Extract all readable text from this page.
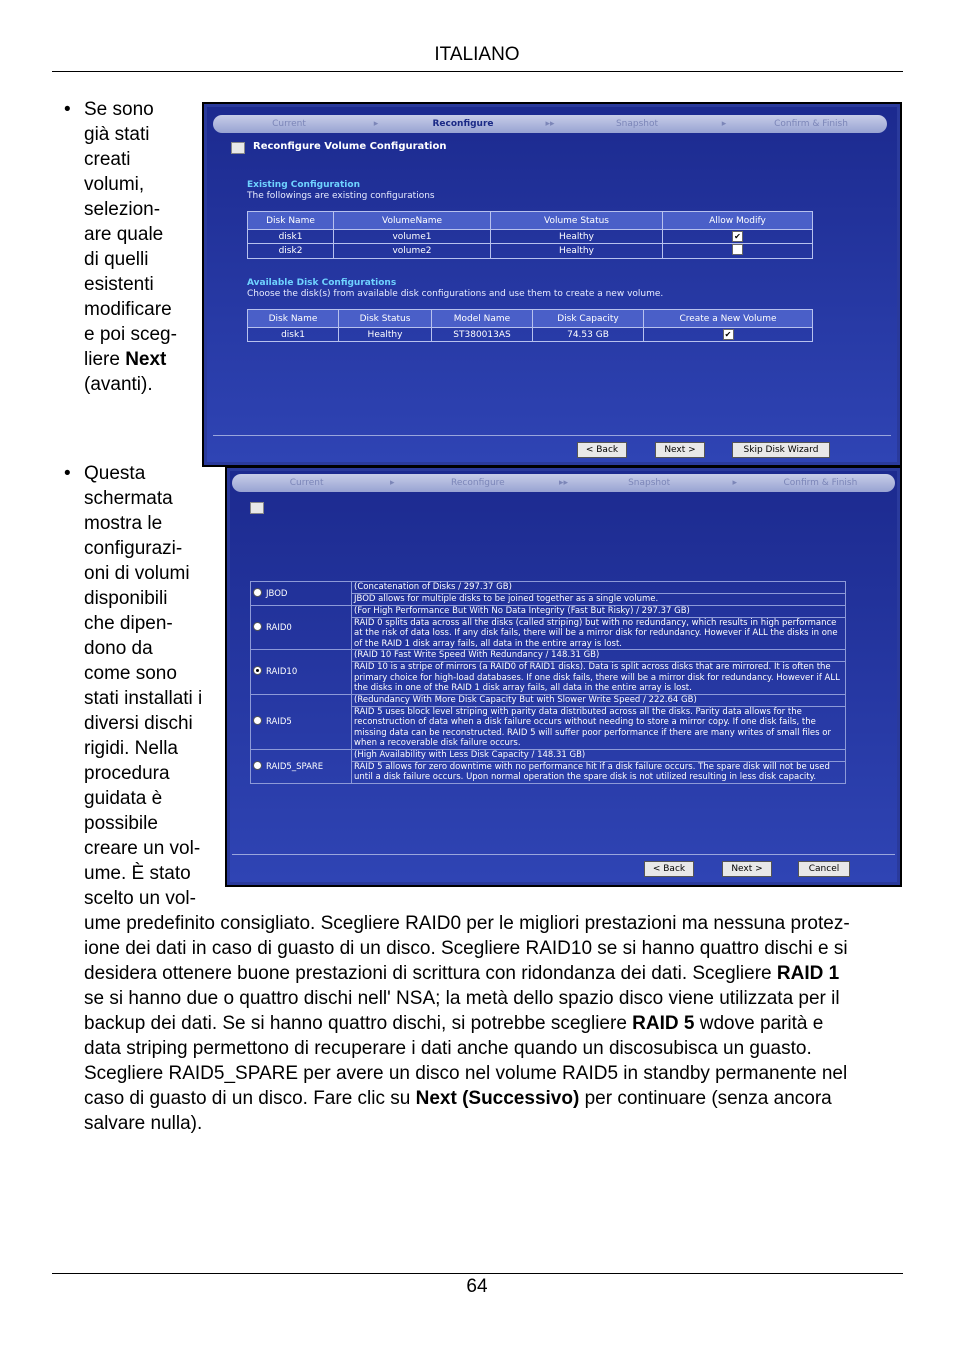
ITALIANO
• Se sono
già stati
creati
volumi,
selezion-
are quale
di quelli
esistenti
modificare
e poi sceg-
liere Next
(avanti).
Current	▸	Reconfigure	▸▸	Snapshot	▸	Confirm & Finish
Reconfigure Volume Configuration
Existing Configuration
The followings are existing configurations
Disk Name	VolumeName	Volume Status	Allow Modify
disk1	volume1	Healthy	✔
disk2	volume2	Healthy	
Available Disk Configurations
Choose the disk(s) from available disk configurations and use them to create a new volume.
Disk Name	Disk Status	Model Name	Disk Capacity	Create a New Volume
disk1	Healthy	ST380013AS	74.53 GB	✔
< Back	Next >	Skip Disk Wizard
• Questa
schermata
mostra le
configurazi-
oni di volumi
disponibili
che dipen-
dono da
come sono
stati installati i
diversi dischi
rigidi. Nella
procedura
guidata è
possibile
creare un vol-
ume. È stato
scelto un vol-
Current	▸	Reconfigure	▸▸	Snapshot	▸	Confirm & Finish
JBOD	(Concatenation of Disks / 297.37 GB)
	JBOD allows for multiple disks to be joined together as a single volume.
RAID0	(For High Performance But With No Data Integrity (Fast But Risky) / 297.37 GB)
	RAID 0 splits data across all the disks (called striping) but with no redundancy, which results in high performance at the risk of data loss. If any disk fails, there will be a mirror disk for redundancy. However if ALL the disks in one of the RAID 1 disk array fails, all data in the entire array is lost.
RAID10	(RAID 10 Fast Write Speed With Redundancy / 148.31 GB)
	RAID 10 is a stripe of mirrors (a RAID0 of RAID1 disks). Data is split across disks that are mirrored. It is often the primary choice for high-load databases. If one disk fails, there will be a mirror disk for redundancy. However if ALL the disks in one of the RAID 1 disk array fails, all data in the entire array is lost.
RAID5	(Redundancy With More Disk Capacity But with Slower Write Speed / 222.64 GB)
	RAID 5 uses block level striping with parity data distributed across all the disks. Parity data allows for the reconstruction of data when a disk failure occurs without needing to store a mirror copy. If one disk fails, the missing data can be reconstructed. RAID 5 will suffer poor performance if there are many writes of small files or when a recoverable disk failure occurs.
RAID5_SPARE	(High Availability with Less Disk Capacity / 148.31 GB)
	RAID 5 allows for zero downtime with no performance hit if a disk failure occurs. The spare disk will not be used until a disk failure occurs. Upon normal operation the spare disk is not utilized resulting in less disk capacity.
< Back	Next >	Cancel
ume predefinito consigliato. Scegliere RAID0 per le migliori prestazioni ma nessuna protez-
ione dei dati in caso di guasto di un disco. Scegliere RAID10 se si hanno quattro dischi e si
desidera ottenere buone prestazioni di scrittura con ridondanza dei dati. Scegliere RAID 1
se si hanno due o quattro dischi nell' NSA; la metà dello spazio disco viene utilizzata per il
backup dei dati. Se si hanno quattro dischi, si potrebbe scegliere RAID 5 wdove parità e
data striping permettono di recuperare i dati anche quando un discosubisca un guasto.
Scegliere RAID5_SPARE per avere un disco nel volume RAID5 in standby permanente nel
caso di guasto di un disco. Fare clic su Next (Successivo) per continuare (senza ancora
salvare nulla).
64
